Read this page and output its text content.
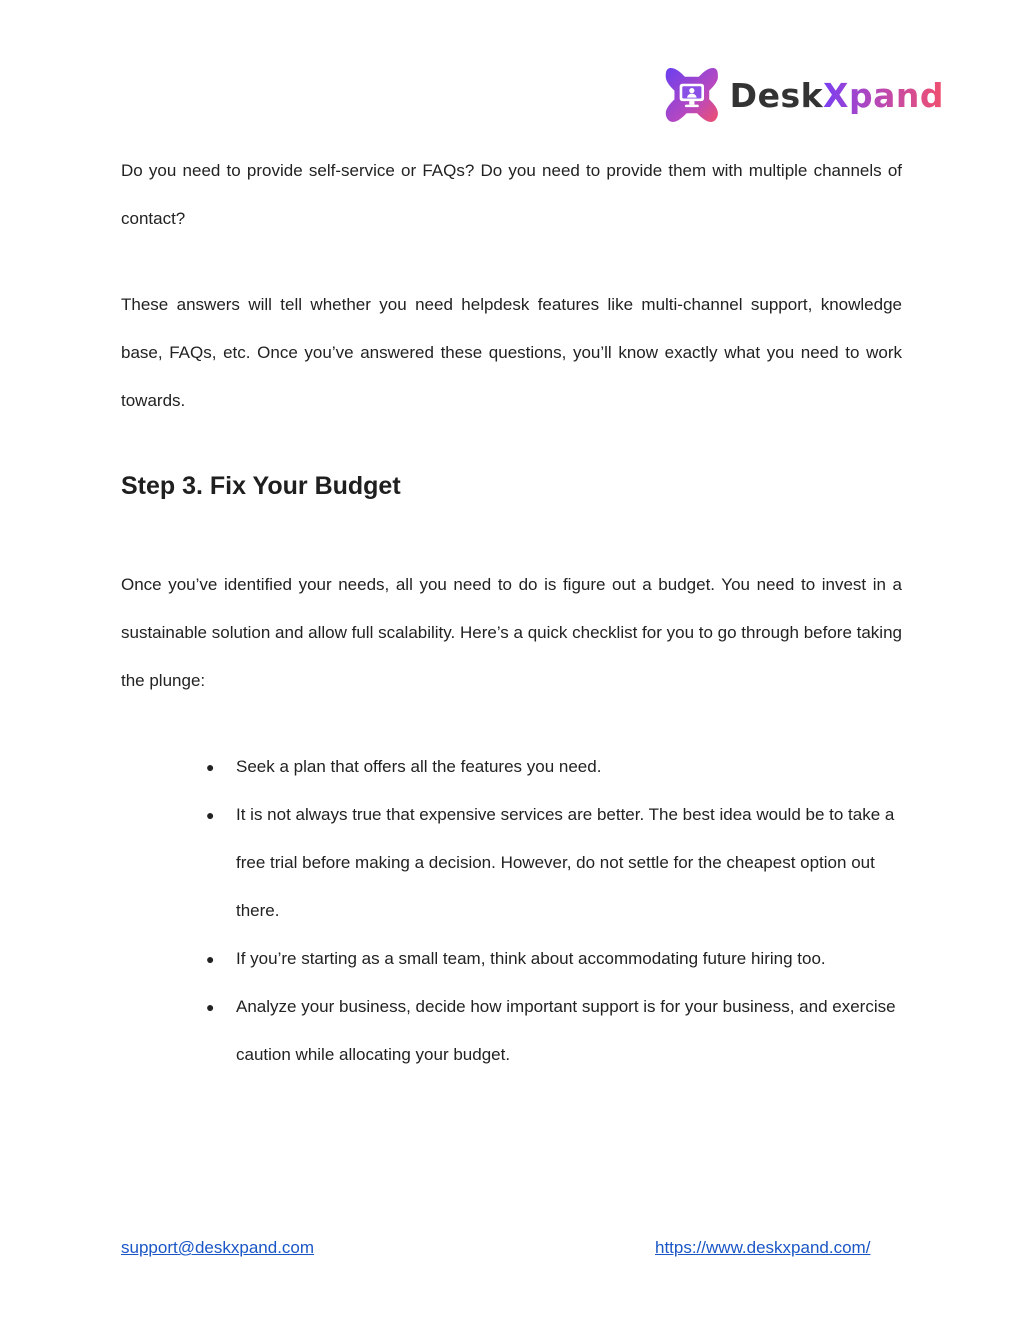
DeskXpand

Do you need to provide self-service or FAQs? Do you need to provide them with multiple channels of contact?

These answers will tell whether you need helpdesk features like multi-channel support, knowledge base, FAQs, etc. Once you’ve answered these questions, you’ll know exactly what you need to work towards.

Step 3. Fix Your Budget

Once you’ve identified your needs, all you need to do is figure out a budget. You need to invest in a sustainable solution and allow full scalability. Here’s a quick checklist for you to go through before taking the plunge:

● Seek a plan that offers all the features you need.
● It is not always true that expensive services are better. The best idea would be to take a free trial before making a decision. However, do not settle for the cheapest option out there.
● If you’re starting as a small team, think about accommodating future hiring too.
● Analyze your business, decide how important support is for your business, and exercise caution while allocating your budget.
support@deskxpand.com	https://www.deskxpand.com/
